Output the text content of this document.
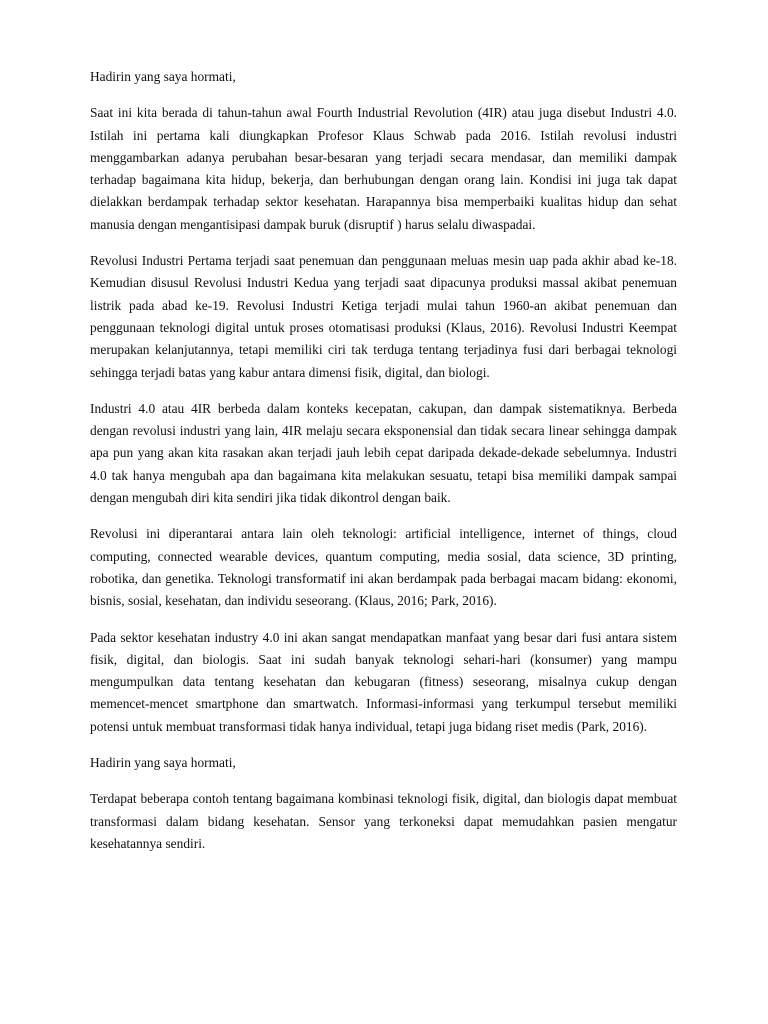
Hadirin yang saya hormati,

Saat ini kita berada di tahun-tahun awal Fourth Industrial Revolution (4IR) atau juga disebut Industri 4.0. Istilah ini pertama kali diungkapkan Profesor Klaus Schwab pada 2016. Istilah revolusi industri menggambarkan adanya perubahan besar-besaran yang terjadi secara mendasar, dan memiliki dampak terhadap bagaimana kita hidup, bekerja, dan berhubungan dengan orang lain. Kondisi ini juga tak dapat dielakkan berdampak terhadap sektor kesehatan. Harapannya bisa memperbaiki kualitas hidup dan sehat manusia dengan mengantisipasi dampak buruk (disruptif ) harus selalu diwaspadai.

Revolusi Industri Pertama terjadi saat penemuan dan penggunaan meluas mesin uap pada akhir abad ke-18. Kemudian disusul Revolusi Industri Kedua yang terjadi saat dipacunya produksi massal akibat penemuan listrik pada abad ke-19. Revolusi Industri Ketiga terjadi mulai tahun 1960-an akibat penemuan dan penggunaan teknologi digital untuk proses otomatisasi produksi (Klaus, 2016). Revolusi Industri Keempat merupakan kelanjutannya, tetapi memiliki ciri tak terduga tentang terjadinya fusi dari berbagai teknologi sehingga terjadi batas yang kabur antara dimensi fisik, digital, dan biologi.

Industri 4.0 atau 4IR berbeda dalam konteks kecepatan, cakupan, dan dampak sistematiknya. Berbeda dengan revolusi industri yang lain, 4IR melaju secara eksponensial dan tidak secara linear sehingga dampak apa pun yang akan kita rasakan akan terjadi jauh lebih cepat daripada dekade-dekade sebelumnya. Industri 4.0 tak hanya mengubah apa dan bagaimana kita melakukan sesuatu, tetapi bisa memiliki dampak sampai dengan mengubah diri kita sendiri jika tidak dikontrol dengan baik.

Revolusi ini diperantarai antara lain oleh teknologi: artificial intelligence, internet of things, cloud computing, connected wearable devices, quantum computing, media sosial, data science, 3D printing, robotika, dan genetika. Teknologi transformatif ini akan berdampak pada berbagai macam bidang: ekonomi, bisnis, sosial, kesehatan, dan individu seseorang. (Klaus, 2016; Park, 2016).

Pada sektor kesehatan industry 4.0 ini akan sangat mendapatkan manfaat yang besar dari fusi antara sistem fisik, digital, dan biologis. Saat ini sudah banyak teknologi sehari-hari (konsumer) yang mampu mengumpulkan data tentang kesehatan dan kebugaran (fitness) seseorang, misalnya cukup dengan memencet-mencet smartphone dan smartwatch. Informasi-informasi yang terkumpul tersebut memiliki potensi untuk membuat transformasi tidak hanya individual, tetapi juga bidang riset medis (Park, 2016).

Hadirin yang saya hormati,

Terdapat beberapa contoh tentang bagaimana kombinasi teknologi fisik, digital, dan biologis dapat membuat transformasi dalam bidang kesehatan. Sensor yang terkoneksi dapat memudahkan pasien mengatur kesehatannya sendiri.
